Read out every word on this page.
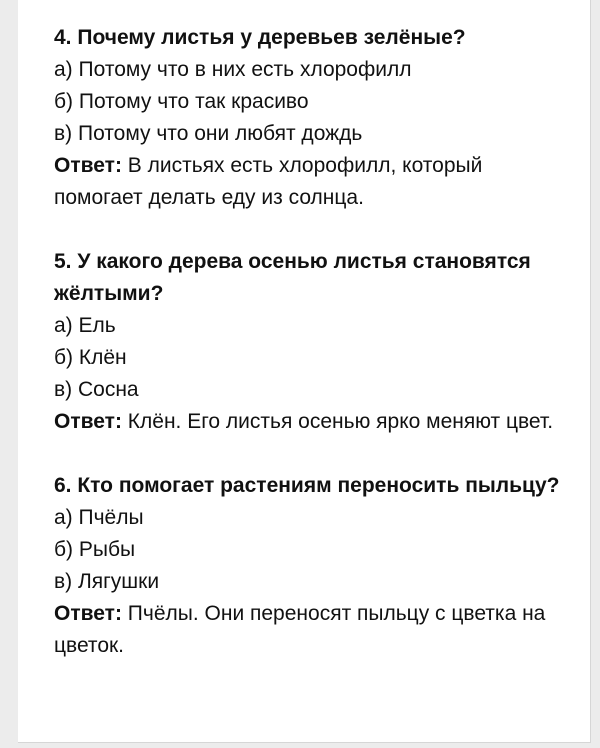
4. Почему листья у деревьев зелёные?
а) Потому что в них есть хлорофилл
б) Потому что так красиво
в) Потому что они любят дождь
Ответ: В листьях есть хлорофилл, который помогает делать еду из солнца.
5. У какого дерева осенью листья становятся жёлтыми?
а) Ель
б) Клён
в) Сосна
Ответ: Клён. Его листья осенью ярко меняют цвет.
6. Кто помогает растениям переносить пыльцу?
а) Пчёлы
б) Рыбы
в) Лягушки
Ответ: Пчёлы. Они переносят пыльцу с цветка на цветок.
